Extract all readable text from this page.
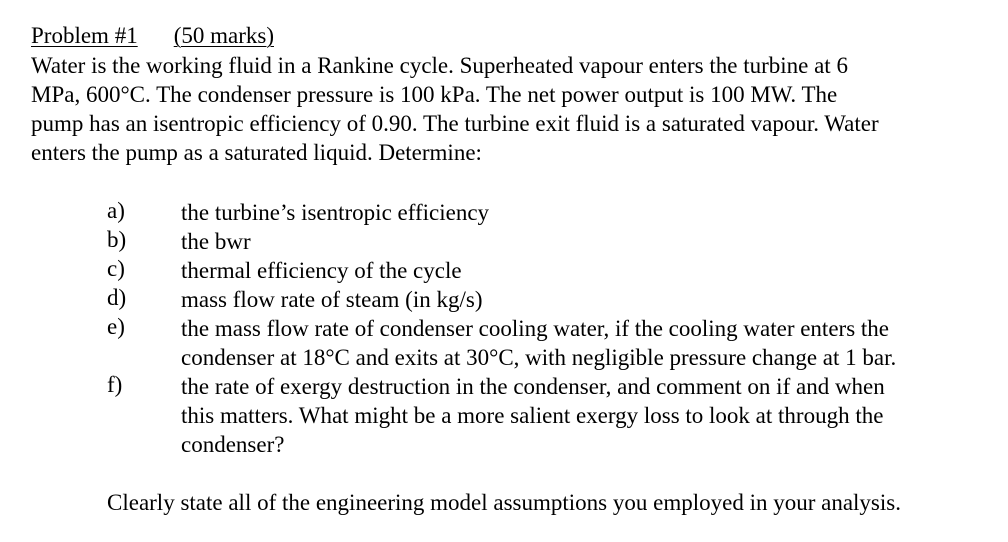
Problem #1 (50 marks)
Water is the working fluid in a Rankine cycle. Superheated vapour enters the turbine at 6
MPa, 600°C. The condenser pressure is 100 kPa. The net power output is 100 MW. The
pump has an isentropic efficiency of 0.90. The turbine exit fluid is a saturated vapour. Water
enters the pump as a saturated liquid. Determine:
a) the turbine’s isentropic efficiency
b) the bwr
c) thermal efficiency of the cycle
d) mass flow rate of steam (in kg/s)
e) the mass flow rate of condenser cooling water, if the cooling water enters the
condenser at 18°C and exits at 30°C, with negligible pressure change at 1 bar.
f)	the rate of exergy destruction in the condenser, and comment on if and when
this matters. What might be a more salient exergy loss to look at through the
condenser?
Clearly state all of the engineering model assumptions you employed in your analysis.
